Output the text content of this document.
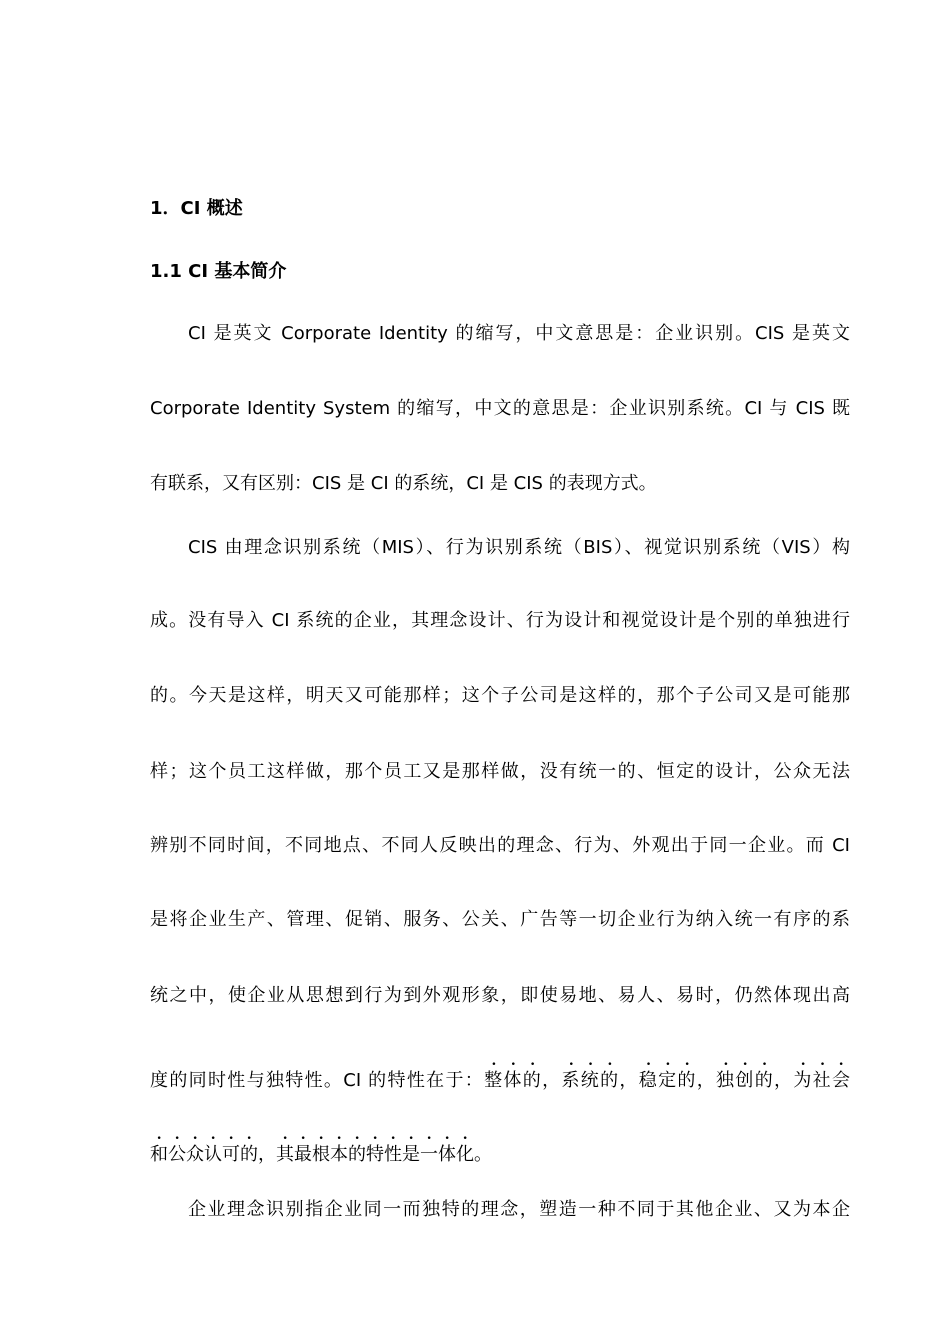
1．CI 概述
1.1 CI 基本简介
CI 是英文 Corporate Identity 的缩写，中文意思是：企业识别。CIS 是英文
Corporate Identity System 的缩写，中文的意思是：企业识别系统。CI 与 CIS 既
有联系，又有区别：CIS 是 CI 的系统，CI 是 CIS 的表现方式。
CIS 由理念识别系统（MIS）、行为识别系统（BIS）、视觉识别系统（VIS）构
成。没有导入 CI 系统的企业，其理念设计、行为设计和视觉设计是个别的单独进行
的。今天是这样，明天又可能那样；这个子公司是这样的，那个子公司又是可能那
样；这个员工这样做，那个员工又是那样做，没有统一的、恒定的设计，公众无法
辨别不同时间，不同地点、不同人反映出的理念、行为、外观出于同一企业。而 CI
是将企业生产、管理、促销、服务、公关、广告等一切企业行为纳入统一有序的系
统之中，使企业从思想到行为到外观形象，即使易地、易人、易时，仍然体现出高
度的同时性与独特性。CI 的特性在于：整体的，系统的，稳定的，独创的，为社会
和公众认可的，其最根本的特性是一体化。
企业理念识别指企业同一而独特的理念，塑造一种不同于其他企业、又为本企
